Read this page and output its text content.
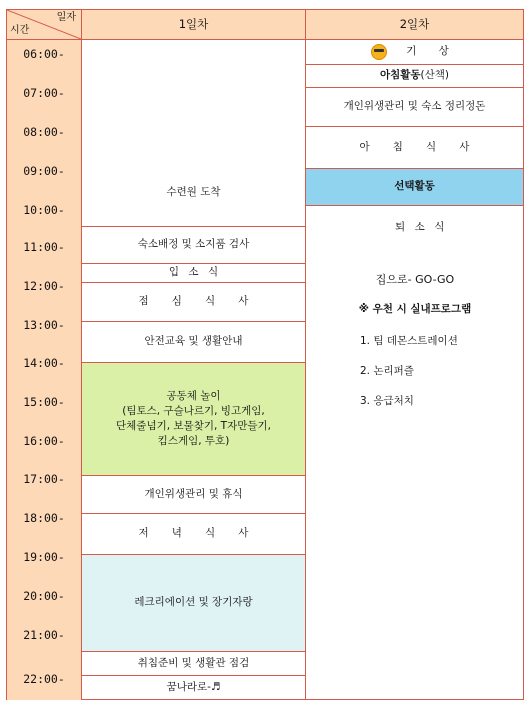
일자
시간	1일차	2일차
06:00-
07:00-
08:00-
09:00-
10:00-
11:00-
12:00-
13:00-
14:00-
15:00-
16:00-
17:00-
18:00-
19:00-
20:00-
21:00-
22:00-
수련원 도착
숙소배정 및 소지품 검사
입소식
점심식사
안전교육 및 생활안내
공동체 놀이
(팀토스, 구슬나르기, 빙고게임,
단체줄넘기, 보물찾기, T자만들기,
킴스게임, 투호)
개인위생관리 및 휴식
저녁식사
레크리에이션 및 장기자랑
취침준비 및 생활관 점검
꿈나라로-♬
기 상
아침활동 (산책)
개인위생관리 및 숙소 정리정돈
아침식사
선택활동
퇴소식
집으로- GO-GO
※ 우천 시 실내프로그램
1. 팀 데몬스트레이션
2. 논리퍼즐
3. 응급처치
